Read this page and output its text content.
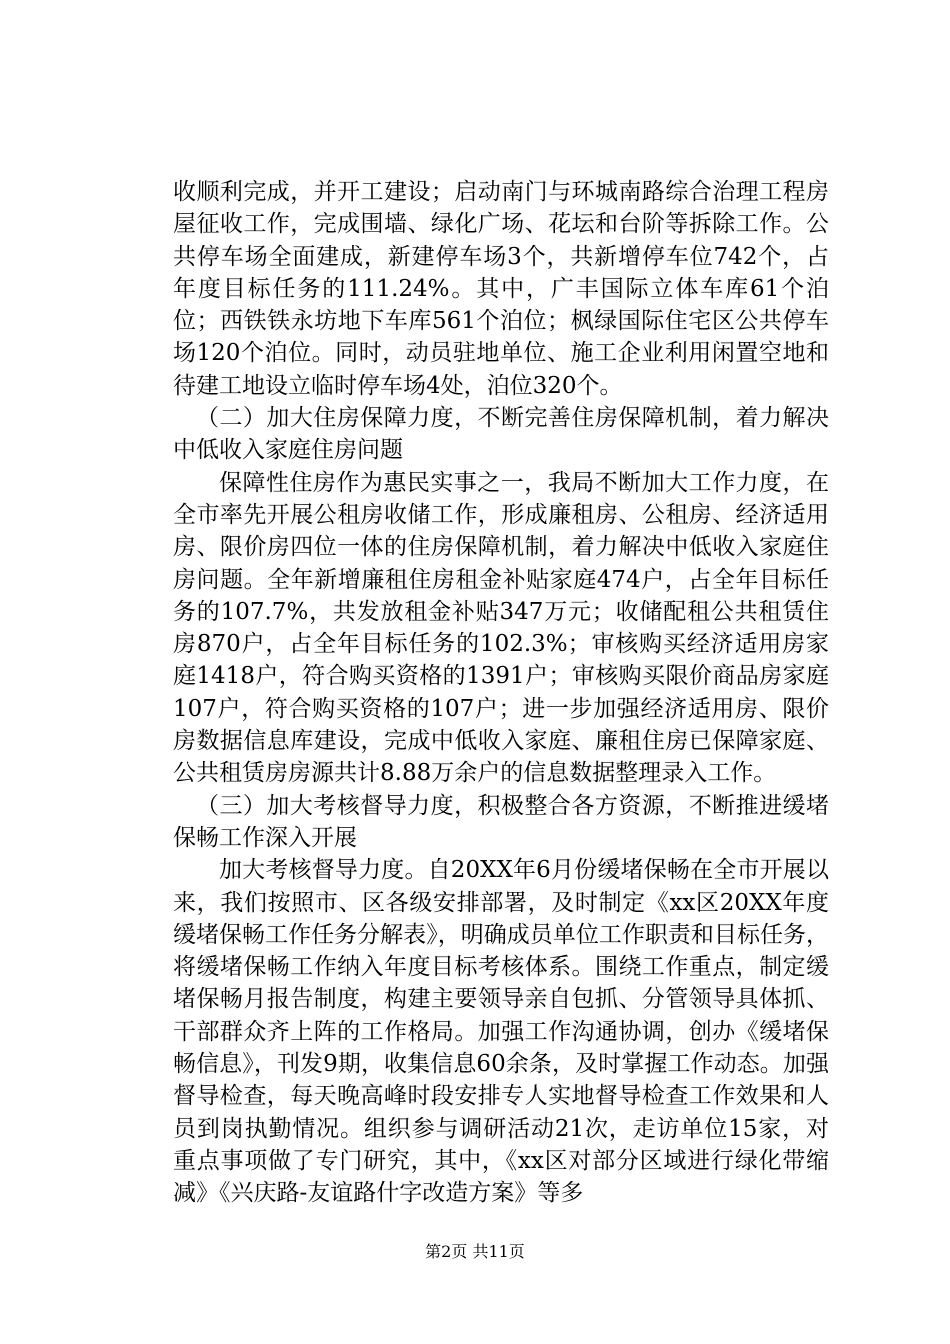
收顺利完成，并开工建设；启动南门与环城南路综合治理工程房屋征收工作，完成围墙、绿化广场、花坛和台阶等拆除工作。公共停车场全面建成，新建停车场3个，共新增停车位742个，占年度目标任务的111.24%。其中，广丰国际立体车库61个泊位；西铁铁永坊地下车库561个泊位；枫绿国际住宅区公共停车场120个泊位。同时，动员驻地单位、施工企业利用闲置空地和待建工地设立临时停车场4处，泊位320个。

（二）加大住房保障力度，不断完善住房保障机制，着力解决中低收入家庭住房问题

保障性住房作为惠民实事之一，我局不断加大工作力度，在全市率先开展公租房收储工作，形成廉租房、公租房、经济适用房、限价房四位一体的住房保障机制，着力解决中低收入家庭住房问题。全年新增廉租住房租金补贴家庭474户，占全年目标任务的107.7%，共发放租金补贴347万元；收储配租公共租赁住房870户，占全年目标任务的102.3%；审核购买经济适用房家庭1418户，符合购买资格的1391户；审核购买限价商品房家庭107户，符合购买资格的107户；进一步加强经济适用房、限价房数据信息库建设，完成中低收入家庭、廉租住房已保障家庭、公共租赁房房源共计8.88万余户的信息数据整理录入工作。

（三）加大考核督导力度，积极整合各方资源，不断推进缓堵保畅工作深入开展

加大考核督导力度。自20XX年6月份缓堵保畅在全市开展以来，我们按照市、区各级安排部署，及时制定《xx区20XX年度缓堵保畅工作任务分解表》，明确成员单位工作职责和目标任务，将缓堵保畅工作纳入年度目标考核体系。围绕工作重点，制定缓堵保畅月报告制度，构建主要领导亲自包抓、分管领导具体抓、干部群众齐上阵的工作格局。加强工作沟通协调，创办《缓堵保畅信息》，刊发9期，收集信息60余条，及时掌握工作动态。加强督导检查，每天晚高峰时段安排专人实地督导检查工作效果和人员到岗执勤情况。组织参与调研活动21次，走访单位15家，对重点事项做了专门研究，其中，《xx区对部分区域进行绿化带缩减》《兴庆路-友谊路什字改造方案》等多

第2页 共11页
